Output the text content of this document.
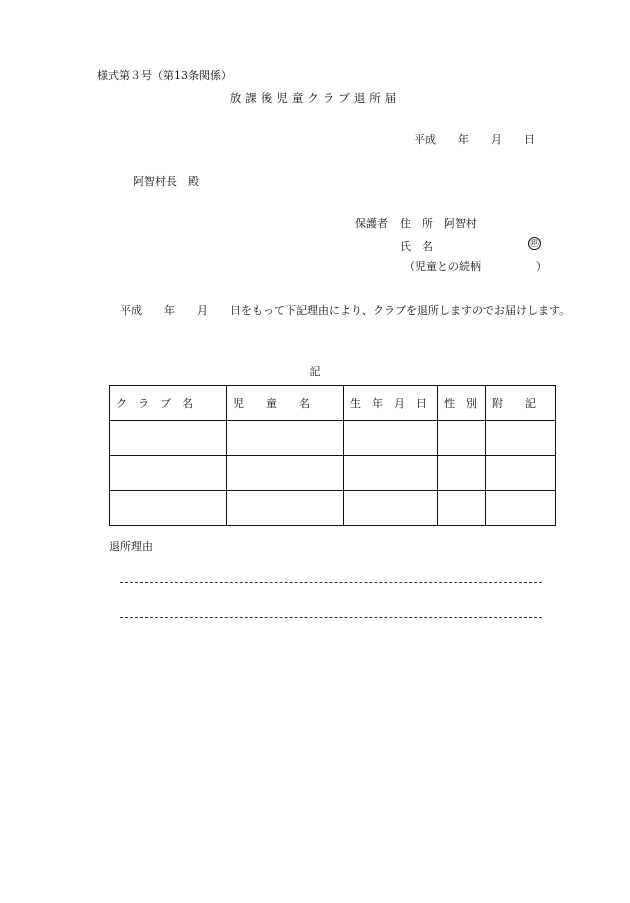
様式第３号（第13条関係）
放課後児童クラブ退所届
平成　　年　　月　　日
阿智村長　殿
保護者 住　所　阿智村
氏　名	㊞
（児童との続柄　　　　　）
平成　　年　　月　　日をもって下記理由により、クラブを退所しますのでお届けします。
記
ク　ラ　ブ　名	児　　童　　名	生　年　月　日	性　別	附　　記

退所理由
